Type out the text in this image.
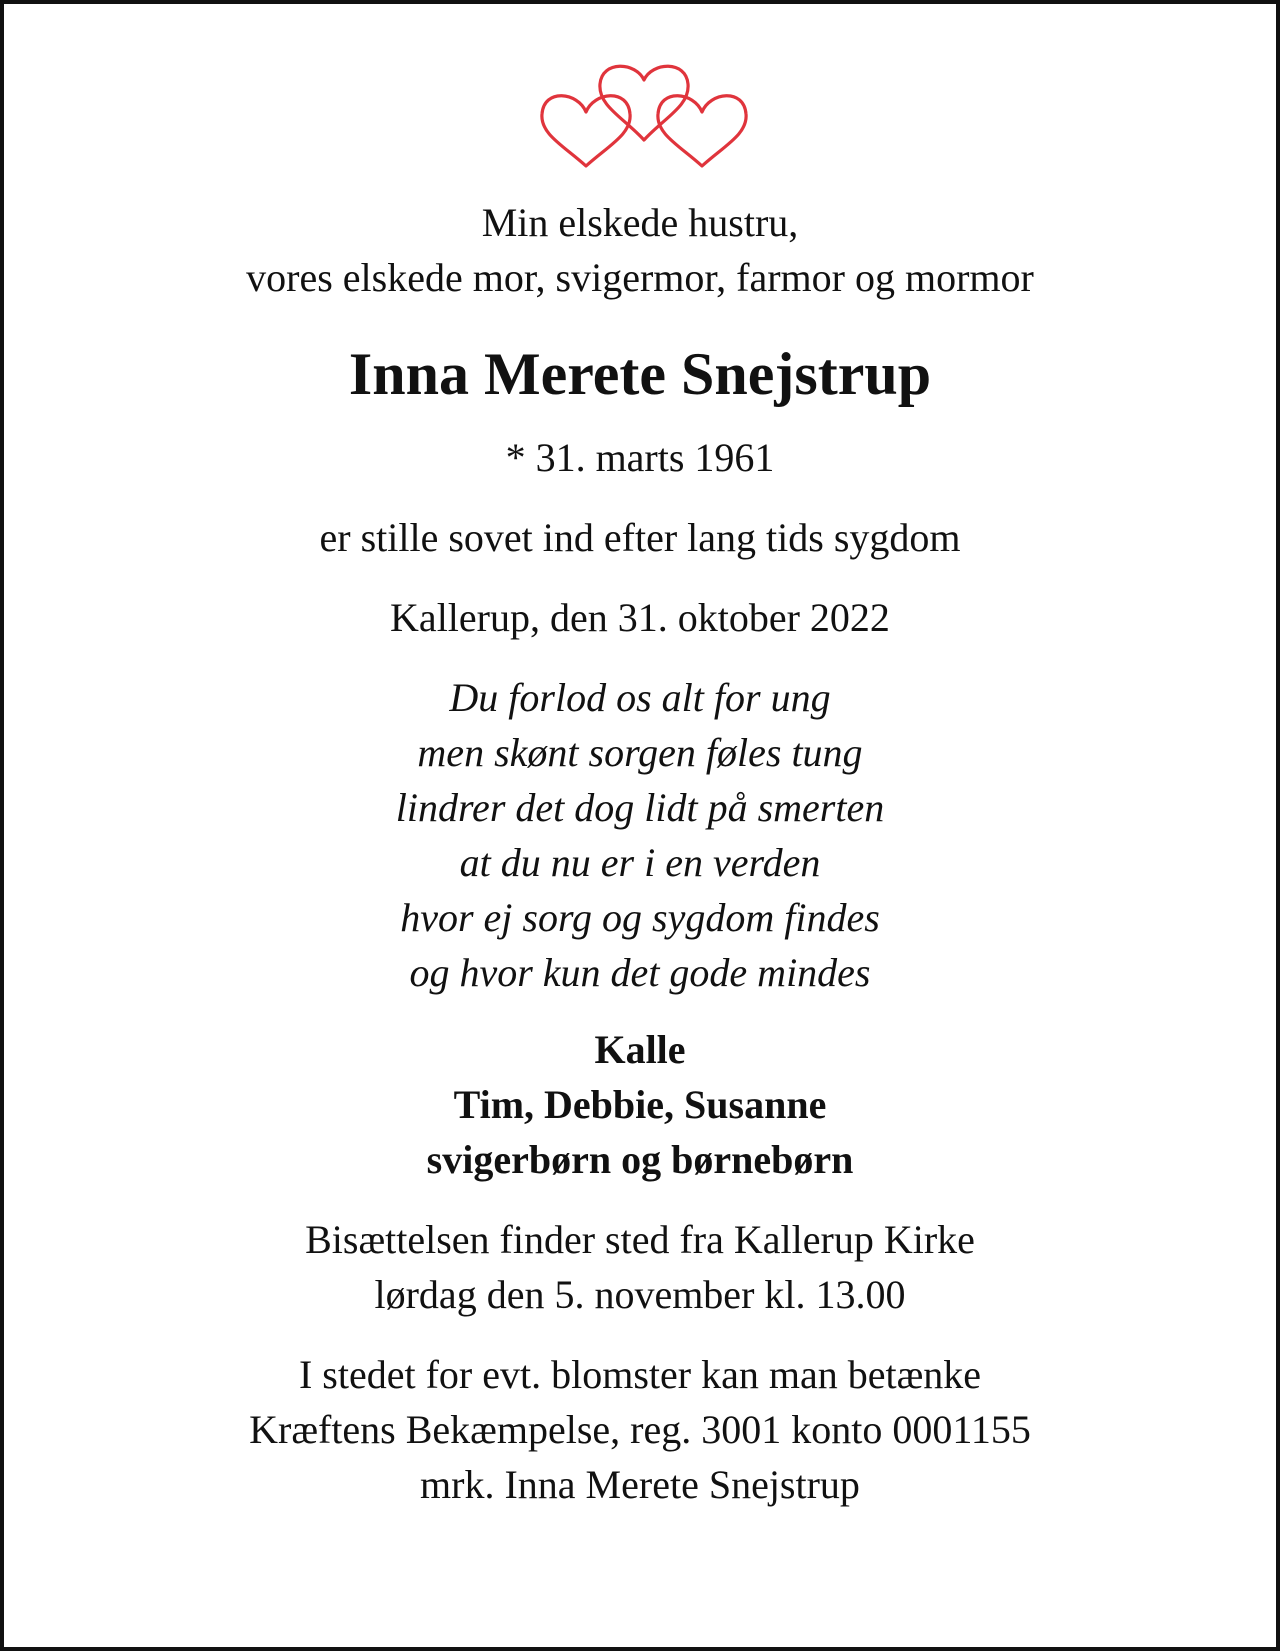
Min elskede hustru,
vores elskede mor, svigermor, farmor og mormor
Inna Merete Snejstrup
* 31. marts 1961
er stille sovet ind efter lang tids sygdom
Kallerup, den 31. oktober 2022
Du forlod os alt for ung
men skønt sorgen føles tung
lindrer det dog lidt på smerten
at du nu er i en verden
hvor ej sorg og sygdom findes
og hvor kun det gode mindes
Kalle
Tim, Debbie, Susanne
svigerbørn og børnebørn
Bisættelsen finder sted fra Kallerup Kirke
lørdag den 5. november kl. 13.00
I stedet for evt. blomster kan man betænke
Kræftens Bekæmpelse, reg. 3001 konto 0001155
mrk. Inna Merete Snejstrup
